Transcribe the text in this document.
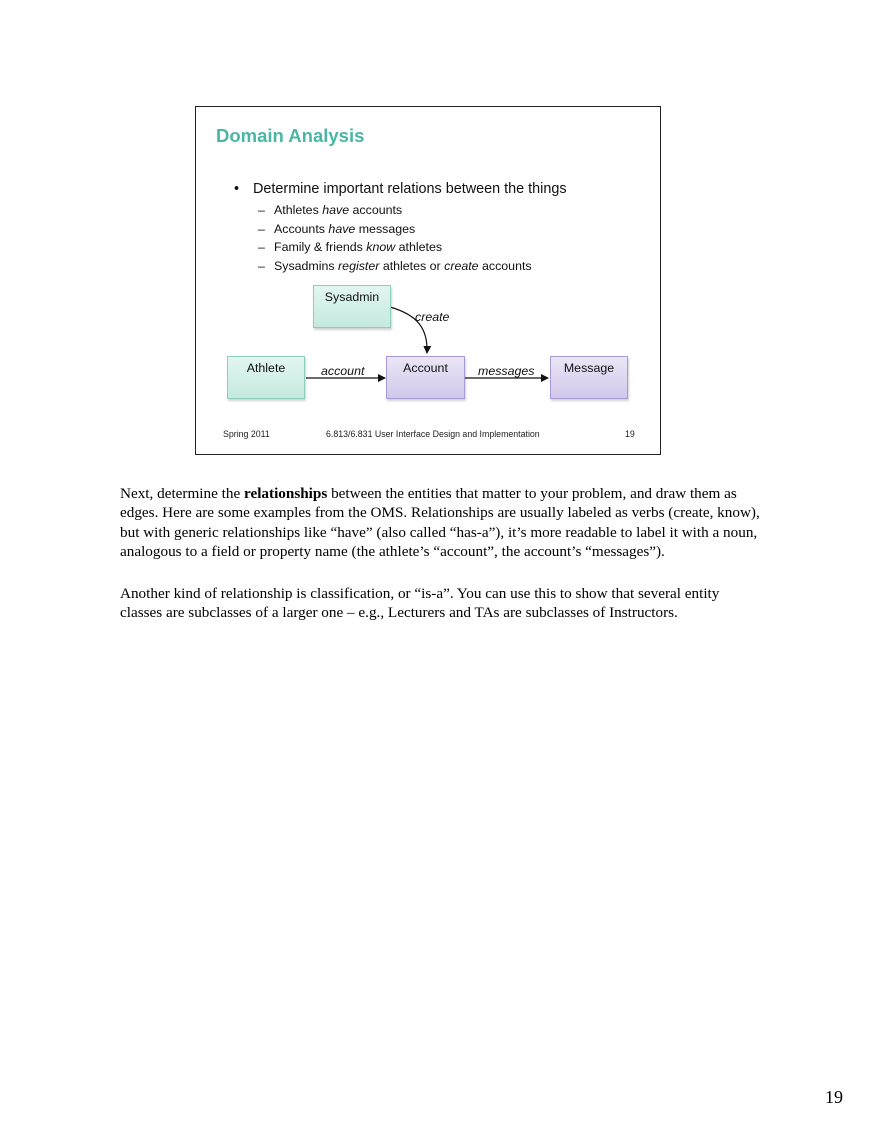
Domain Analysis
• Determine important relations between the things
– Athletes have accounts
– Accounts have messages
– Family & friends know athletes
– Sysadmins register athletes or create accounts
Sysadmin
Athlete	Account	Message
create
account	messages
Spring 2011	6.813/6.831 User Interface Design and Implementation	19

Next, determine the relationships between the entities that matter to your problem, and draw them as edges. Here are some examples from the OMS. Relationships are usually labeled as verbs (create, know), but with generic relationships like “have” (also called “has-a”), it’s more readable to label it with a noun, analogous to a field or property name (the athlete’s “account”, the account’s “messages”).

Another kind of relationship is classification, or “is-a”. You can use this to show that several entity classes are subclasses of a larger one – e.g., Lecturers and TAs are subclasses of Instructors.

19
